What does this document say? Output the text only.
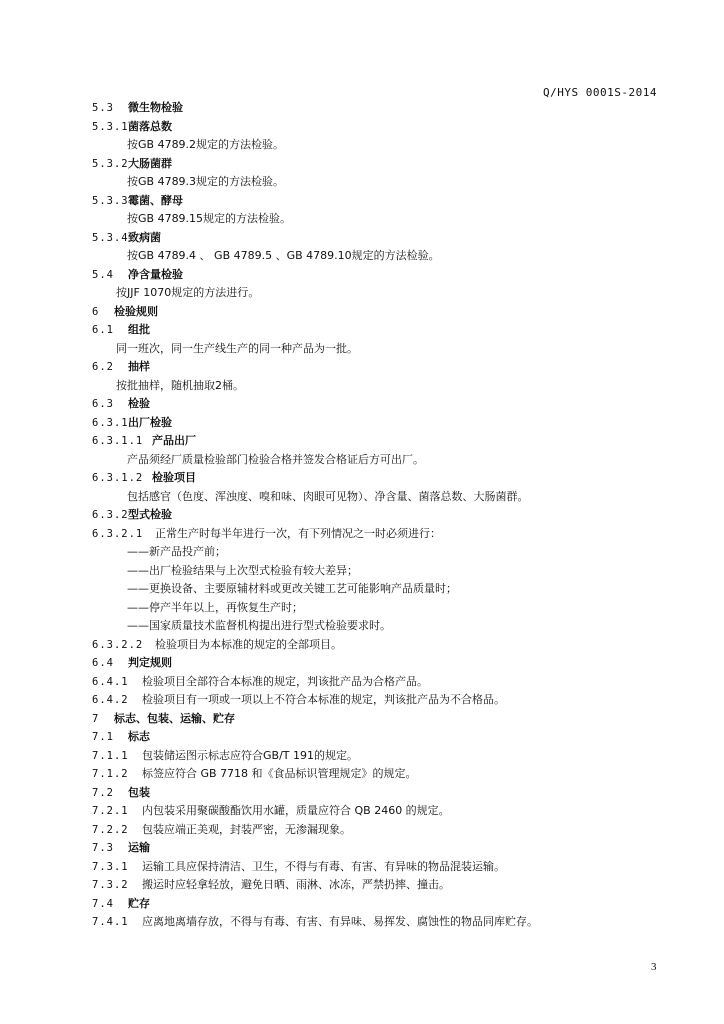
Q/HYS 0001S-2014
5.3 微生物检验
5.3.1 菌落总数
按GB 4789.2规定的方法检验。
5.3.2 大肠菌群
按GB 4789.3规定的方法检验。
5.3.3 霉菌、酵母
按GB 4789.15规定的方法检验。
5.3.4 致病菌
按GB 4789.4 、 GB 4789.5 、GB 4789.10规定的方法检验。
5.4 净含量检验
按JJF 1070规定的方法进行。
6 检验规则
6.1 组批
同一班次，同一生产线生产的同一种产品为一批。
6.2 抽样
按批抽样，随机抽取2桶。
6.3 检验
6.3.1 出厂检验
6.3.1.1 产品出厂
产品须经厂质量检验部门检验合格并签发合格证后方可出厂。
6.3.1.2 检验项目
包括感官（色度、浑浊度、嗅和味、肉眼可见物）、净含量、菌落总数、大肠菌群。
6.3.2 型式检验
6.3.2.1 正常生产时每半年进行一次，有下列情况之一时必须进行：
——新产品投产前；
——出厂检验结果与上次型式检验有较大差异；
——更换设备、主要原辅材料或更改关键工艺可能影响产品质量时；
——停产半年以上，再恢复生产时；
——国家质量技术监督机构提出进行型式检验要求时。
6.3.2.2 检验项目为本标准的规定的全部项目。
6.4 判定规则
6.4.1 检验项目全部符合本标准的规定，判该批产品为合格产品。
6.4.2 检验项目有一项或一项以上不符合本标准的规定，判该批产品为不合格品。
7 标志、包装、运输、贮存
7.1 标志
7.1.1 包装储运图示标志应符合GB/T 191的规定。
7.1.2 标签应符合 GB 7718 和《食品标识管理规定》的规定。
7.2 包装
7.2.1 内包装采用聚碳酸酯饮用水罐，质量应符合 QB 2460 的规定。
7.2.2 包装应端正美观，封装严密，无渗漏现象。
7.3 运输
7.3.1 运输工具应保持清洁、卫生，不得与有毒、有害、有异味的物品混装运输。
7.3.2 搬运时应轻拿轻放，避免日晒、雨淋、冰冻，严禁扔摔、撞击。
7.4 贮存
7.4.1 应离地离墙存放，不得与有毒、有害、有异味、易挥发、腐蚀性的物品同库贮存。
3
